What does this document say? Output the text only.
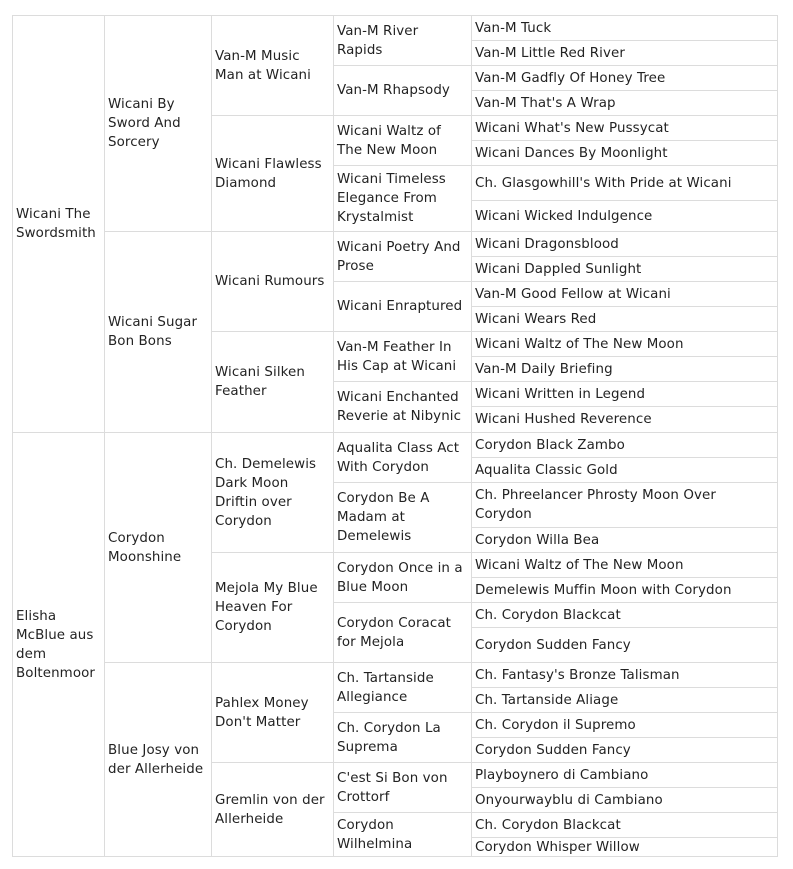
Wicani The Swordsmith
Elisha McBlue aus dem Boltenmoor
Wicani By Sword And Sorcery
Wicani Sugar Bon Bons
Corydon Moonshine
Blue Josy von der Allerheide
Van-M Music Man at Wicani
Wicani Flawless Diamond
Wicani Rumours
Wicani Silken Feather
Ch. Demelewis Dark Moon Driftin over Corydon
Mejola My Blue Heaven For Corydon
Pahlex Money Don't Matter
Gremlin von der Allerheide
Van-M River Rapids
Van-M Rhapsody
Wicani Waltz of The New Moon
Wicani Timeless Elegance From Krystalmist
Wicani Poetry And Prose
Wicani Enraptured
Van-M Feather In His Cap at Wicani
Wicani Enchanted Reverie at Nibynic
Aqualita Class Act With Corydon
Corydon Be A Madam at Demelewis
Corydon Once in a Blue Moon
Corydon Coracat for Mejola
Ch. Tartanside Allegiance
Ch. Corydon La Suprema
C'est Si Bon von Crottorf
Corydon Wilhelmina
Van-M Tuck
Van-M Little Red River
Van-M Gadfly Of Honey Tree
Van-M That's A Wrap
Wicani What's New Pussycat
Wicani Dances By Moonlight
Ch. Glasgowhill's With Pride at Wicani
Wicani Wicked Indulgence
Wicani Dragonsblood
Wicani Dappled Sunlight
Van-M Good Fellow at Wicani
Wicani Wears Red
Wicani Waltz of The New Moon
Van-M Daily Briefing
Wicani Written in Legend
Wicani Hushed Reverence
Corydon Black Zambo
Aqualita Classic Gold
Ch. Phreelancer Phrosty Moon Over Corydon
Corydon Willa Bea
Wicani Waltz of The New Moon
Demelewis Muffin Moon with Corydon
Ch. Corydon Blackcat
Corydon Sudden Fancy
Ch. Fantasy's Bronze Talisman
Ch. Tartanside Aliage
Ch. Corydon il Supremo
Corydon Sudden Fancy
Playboynero di Cambiano
Onyourwayblu di Cambiano
Ch. Corydon Blackcat
Corydon Whisper Willow
